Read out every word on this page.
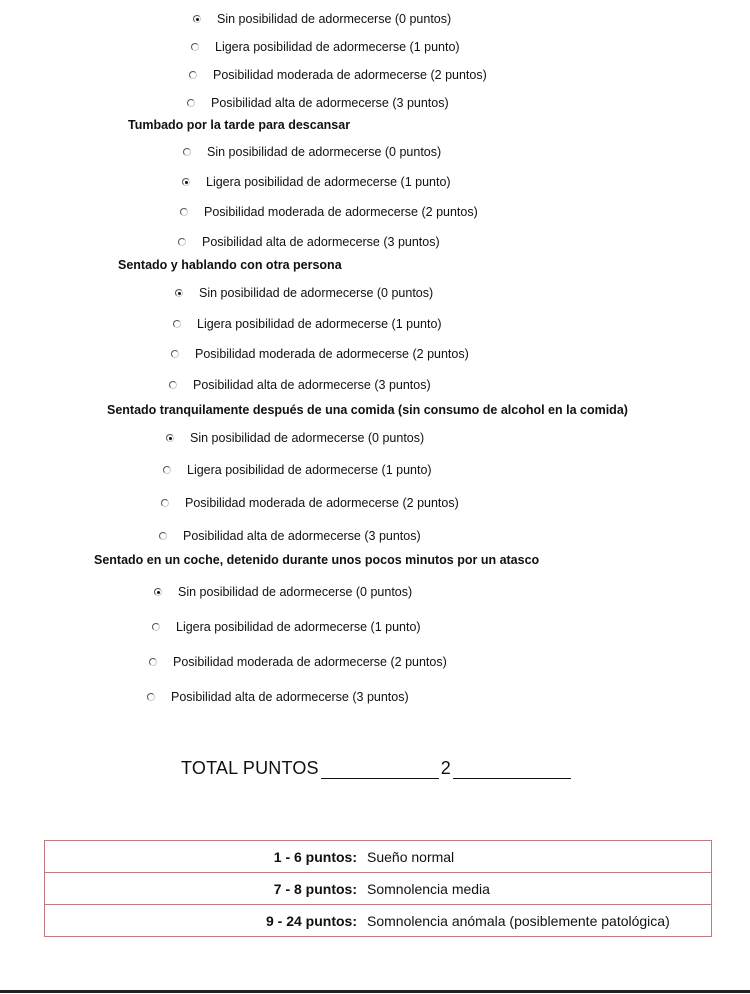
Sin posibilidad de adormecerse (0 puntos)
Ligera posibilidad de adormecerse (1 punto)
Posibilidad moderada de adormecerse (2 puntos)
Posibilidad alta de adormecerse (3 puntos)
Tumbado por la tarde para descansar
Sin posibilidad de adormecerse (0 puntos)
Ligera posibilidad de adormecerse (1 punto)
Posibilidad moderada de adormecerse (2 puntos)
Posibilidad alta de adormecerse (3 puntos)
Sentado y hablando con otra persona
Sin posibilidad de adormecerse (0 puntos)
Ligera posibilidad de adormecerse (1 punto)
Posibilidad moderada de adormecerse (2 puntos)
Posibilidad alta de adormecerse (3 puntos)
Sentado tranquilamente después de una comida (sin consumo de alcohol en la comida)
Sin posibilidad de adormecerse (0 puntos)
Ligera posibilidad de adormecerse (1 punto)
Posibilidad moderada de adormecerse (2 puntos)
Posibilidad alta de adormecerse (3 puntos)
Sentado en un coche, detenido durante unos pocos minutos por un atasco
Sin posibilidad de adormecerse (0 puntos)
Ligera posibilidad de adormecerse (1 punto)
Posibilidad moderada de adormecerse (2 puntos)
Posibilidad alta de adormecerse (3 puntos)
TOTAL PUNTOS	2
1 - 6 puntos: Sueño normal
7 - 8 puntos: Somnolencia media
9 - 24 puntos: Somnolencia anómala (posiblemente patológica)
